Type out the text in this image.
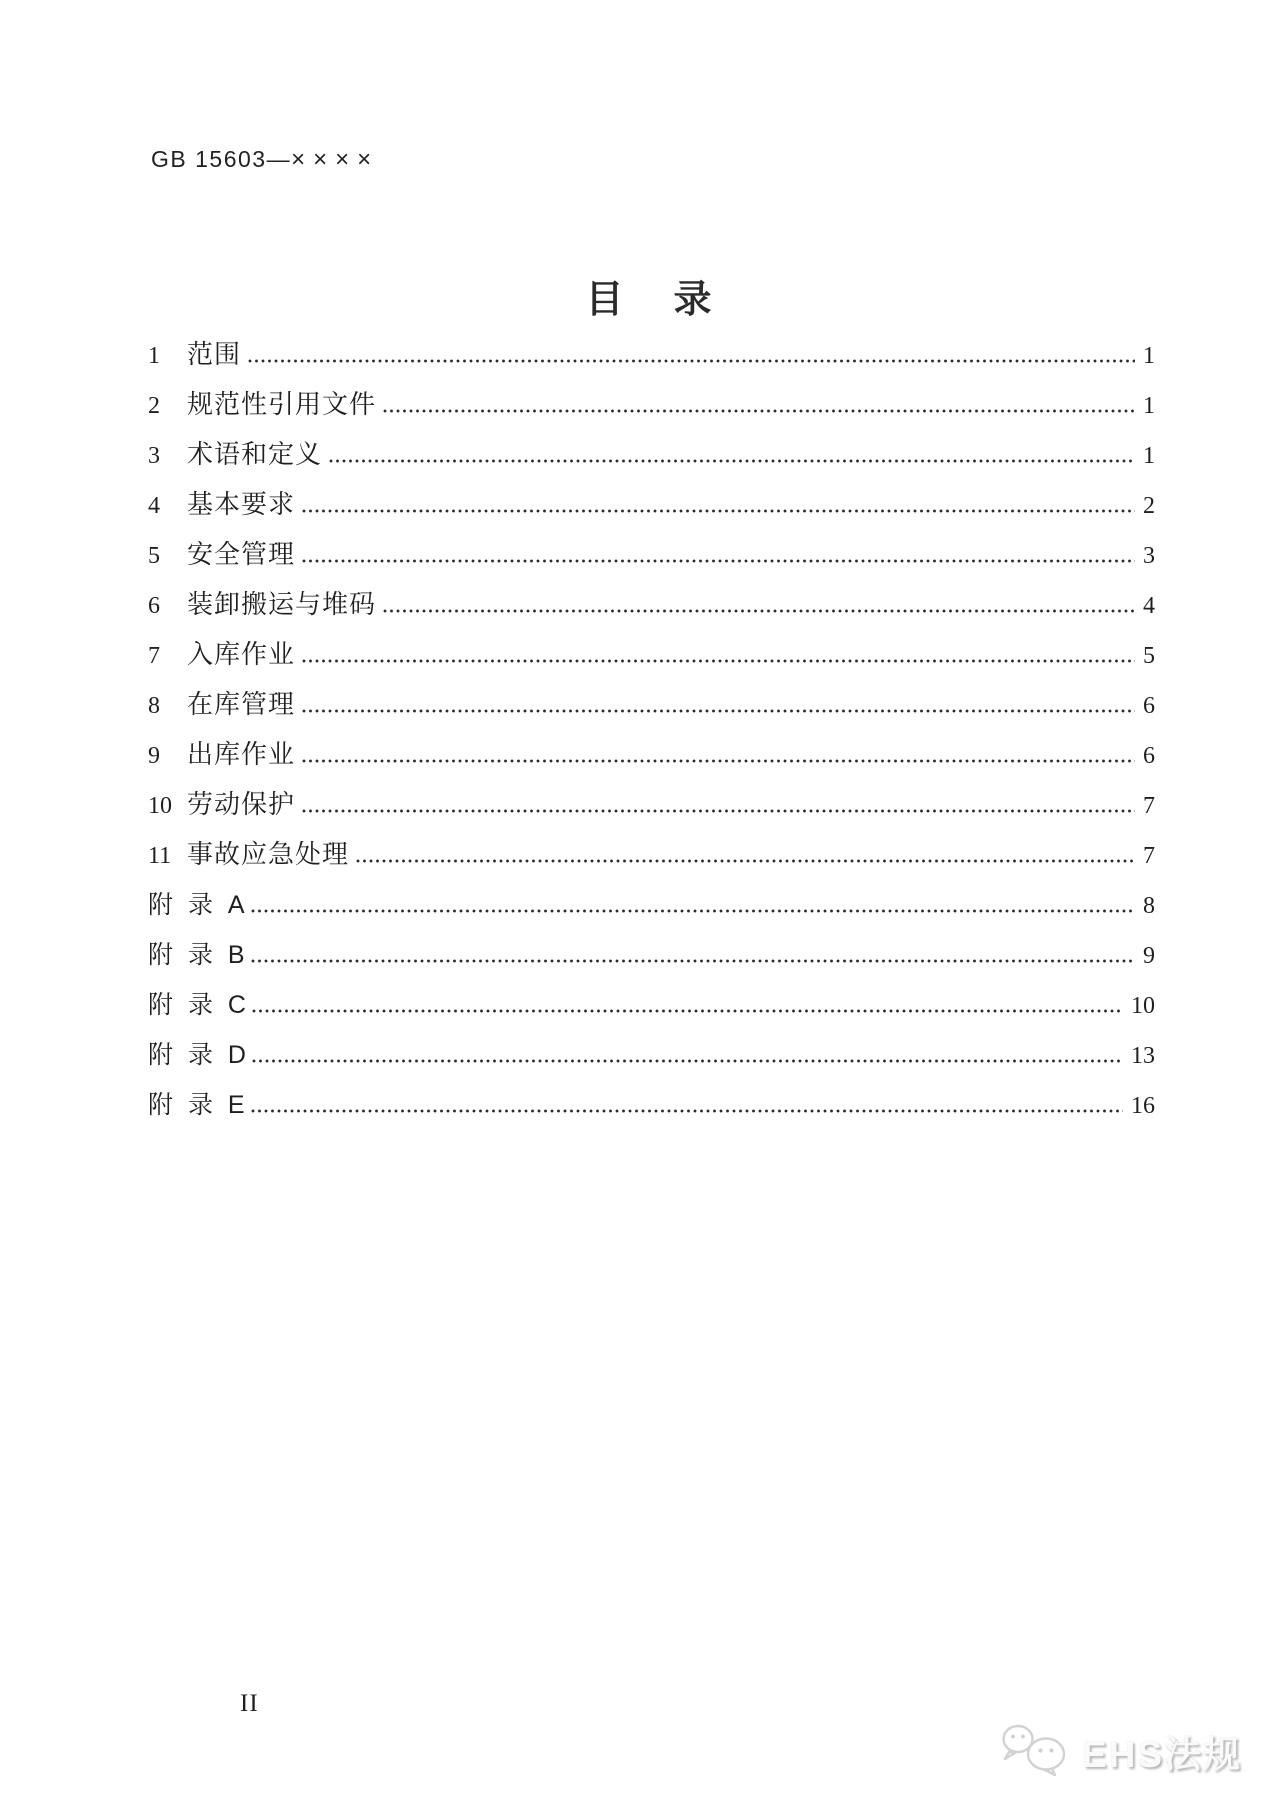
GB 15603—××××
目　录
1	范围	1
2	规范性引用文件	1
3	术语和定义	1
4	基本要求	2
5	安全管理	3
6	装卸搬运与堆码	4
7	入库作业	5
8	在库管理	6
9	出库作业	6
10 劳动保护	7
11 事故应急处理	7
附 录 A	8
附 录 B	9
附 录 C	10
附 录 D	13
附 录 E	16
II
EHS法规
